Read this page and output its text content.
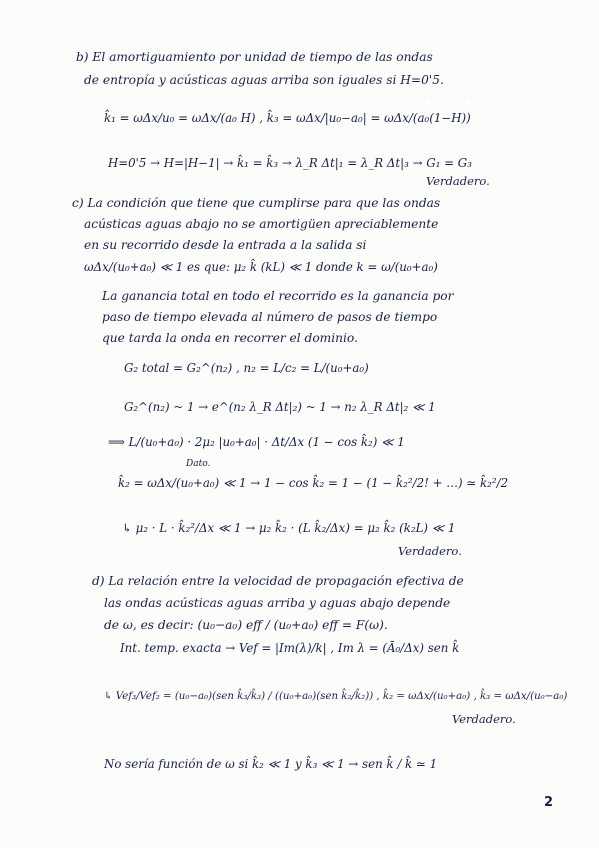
· · · · · · · · · · · ·
b) El amortiguamiento por unidad de tiempo de las ondas
de entropía y acústicas aguas arriba son iguales si H=0'5.
k̂₁ = ωΔx/u₀ = ωΔx/(a₀ H) , k̂₃ = ωΔx/|u₀−a₀| = ωΔx/(a₀(1−H))
H=0'5 → H=|H−1| → k̂₁ = k̂₃ → λ_R Δt|₁ = λ_R Δt|₃ → G₁ = G₃
Verdadero.
c) La condición que tiene que cumplirse para que las ondas
acústicas aguas abajo no se amortigüen apreciablemente
en su recorrido desde la entrada a la salida si
ωΔx/(u₀+a₀) ≪ 1 es que: μ₂ k̂ (kL) ≪ 1 donde k = ω/(u₀+a₀)
La ganancia total en todo el recorrido es la ganancia por
paso de tiempo elevada al número de pasos de tiempo
que tarda la onda en recorrer el dominio.
G₂ total = G₂^(n₂) , n₂ = L/c₂ = L/(u₀+a₀)
G₂^(n₂) ~ 1 → e^(n₂ λ_R Δt|₂) ~ 1 → n₂ λ_R Δt|₂ ≪ 1
⟹ L/(u₀+a₀) · 2μ₂ |u₀+a₀| · Δt/Δx (1 − cos k̂₂) ≪ 1
Dato.
k̂₂ = ωΔx/(u₀+a₀) ≪ 1 → 1 − cos k̂₂ = 1 − (1 − k̂₂²/2! + …) ≃ k̂₂²/2
↳ μ₂ · L · k̂₂²/Δx ≪ 1 → μ₂ k̂₂ · (L k̂₂/Δx) = μ₂ k̂₂ (k₂L) ≪ 1
Verdadero.
d) La relación entre la velocidad de propagación efectiva de
las ondas acústicas aguas arriba y aguas abajo depende
de ω, es decir: (u₀−a₀) eff / (u₀+a₀) eff = F(ω).
Int. temp. exacta → Vef = |Im(λ)/k| , Im λ = (Ā₀/Δx) sen k̂
↳ Vef₃/Vef₂ = (u₀−a₀)(sen k̂₃/k̂₃) / ((u₀+a₀)(sen k̂₂/k̂₂)) , k̂₂ = ωΔx/(u₀+a₀) , k̂₃ = ωΔx/(u₀−a₀)
Verdadero.
No sería función de ω si k̂₂ ≪ 1 y k̂₃ ≪ 1 → sen k̂ / k̂ ≃ 1
2
